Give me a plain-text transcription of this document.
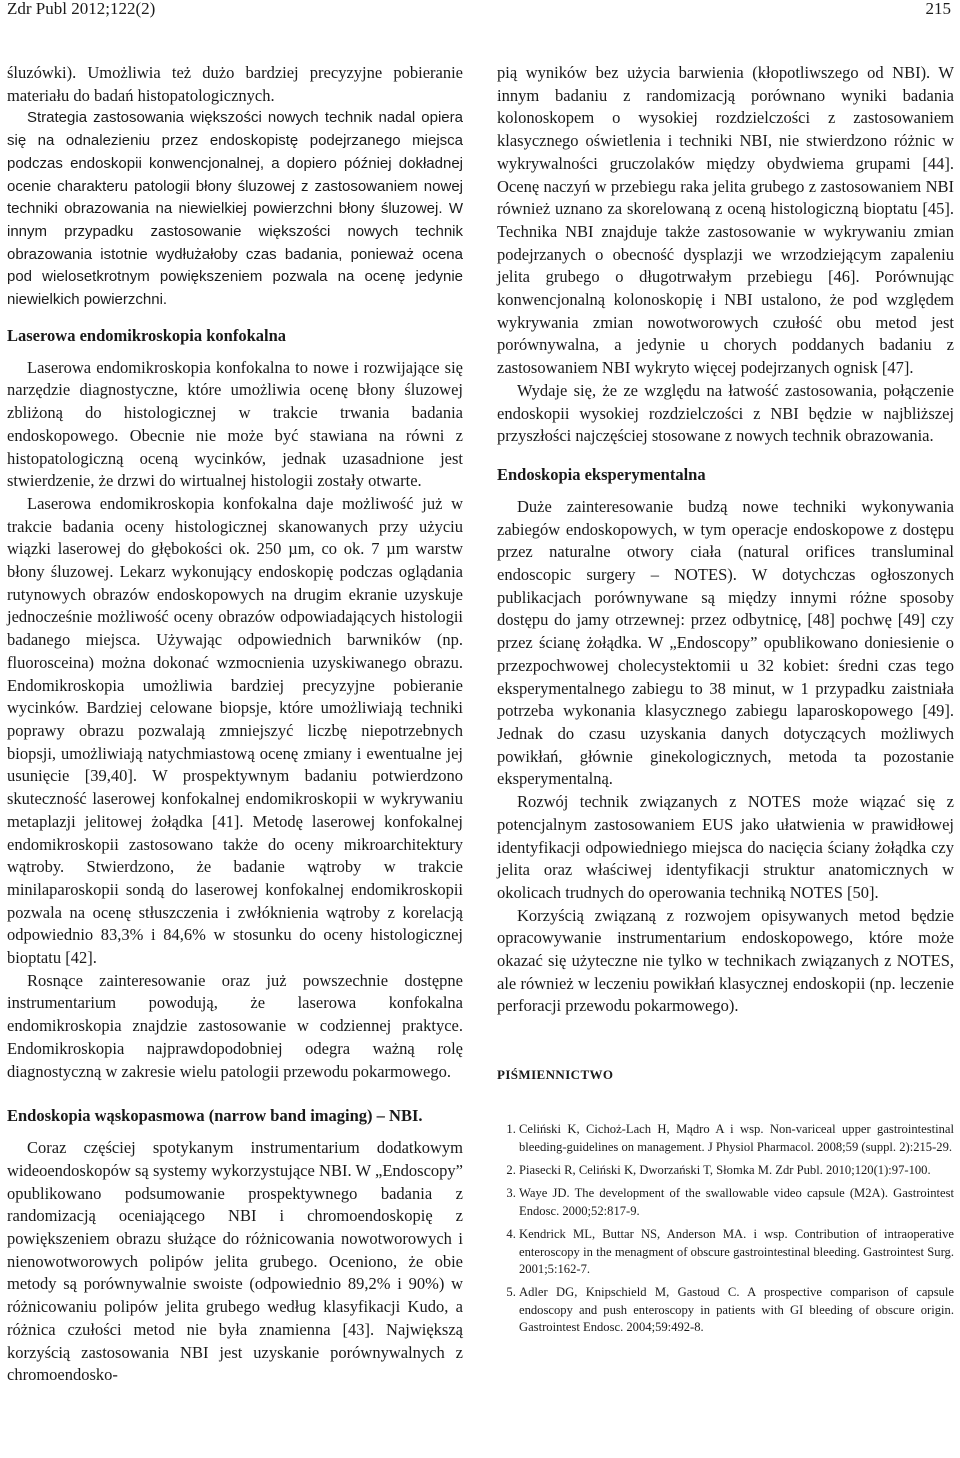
Zdr Publ 2012;122(2)	215

śluzówki). Umożliwia też dużo bardziej precyzyjne pobieranie materiału do badań histopatologicznych.

Strategia zastosowania większości nowych technik nadal opiera się na odnalezieniu przez endoskopistę podejrzanego miejsca podczas endoskopii konwencjonalnej, a dopiero później dokładnej ocenie charakteru patologii błony śluzowej z zastosowaniem nowej techniki obrazowania na niewielkiej powierzchni błony śluzowej. W innym przypadku zastosowanie większości nowych technik obrazowania istotnie wydłużałoby czas badania, ponieważ ocena pod wielosetkrotnym powiększeniem pozwala na ocenę jedynie niewielkich powierzchni.

Laserowa endomikroskopia konfokalna

Laserowa endomikroskopia konfokalna to nowe i rozwijające się narzędzie diagnostyczne, które umożliwia ocenę błony śluzowej zbliżoną do histologicznej w trakcie trwania badania endoskopowego. Obecnie nie może być stawiana na równi z histopatologiczną oceną wycinków, jednak uzasadnione jest stwierdzenie, że drzwi do wirtualnej histologii zostały otwarte.

Laserowa endomikroskopia konfokalna daje możliwość już w trakcie badania oceny histologicznej skanowanych przy użyciu wiązki laserowej do głębokości ok. 250 µm, co ok. 7 µm warstw błony śluzowej. Lekarz wykonujący endoskopię podczas oglądania rutynowych obrazów endoskopowych na drugim ekranie uzyskuje jednocześnie możliwość oceny obrazów odpowiadających histologii badanego miejsca. Używając odpowiednich barwników (np. fluorosceina) można dokonać wzmocnienia uzyskiwanego obrazu. Endomikroskopia umożliwia bardziej precyzyjne pobieranie wycinków. Bardziej celowane biopsje, które umożliwiają techniki poprawy obrazu pozwalają zmniejszyć liczbę niepotrzebnych biopsji, umożliwiają natychmiastową ocenę zmiany i ewentualne jej usunięcie [39,40]. W prospektywnym badaniu potwierdzono skuteczność laserowej konfokalnej endomikroskopii w wykrywaniu metaplazji jelitowej żołądka [41]. Metodę laserowej konfokalnej endomikroskopii zastosowano także do oceny mikroarchitektury wątroby. Stwierdzono, że badanie wątroby w trakcie minilaparoskopii sondą do laserowej konfokalnej endomikroskopii pozwala na ocenę stłuszczenia i zwłóknienia wątroby z korelacją odpowiednio 83,3% i 84,6% w stosunku do oceny histologicznej bioptatu [42].

Rosnące zainteresowanie oraz już powszechnie dostępne instrumentarium powodują, że laserowa konfokalna endomikroskopia znajdzie zastosowanie w codziennej praktyce. Endomikroskopia najprawdopodobniej odegra ważną rolę diagnostyczną w zakresie wielu patologii przewodu pokarmowego.

Endoskopia wąskopasmowa (narrow band imaging) – NBI.

Coraz częściej spotykanym instrumentarium dodatkowym wideoendoskopów są systemy wykorzystujące NBI. W „Endoscopy” opublikowano podsumowanie prospektywnego badania z randomizacją oceniającego NBI i chromoendoskopię z powiększeniem obrazu służące do różnicowania nowotworowych i nienowotworowych polipów jelita grubego. Oceniono, że obie metody są porównywalnie swoiste (odpowiednio 89,2% i 90%) w różnicowaniu polipów jelita grubego według klasyfikacji Kudo, a różnica czułości metod nie była znamienna [43]. Największą korzyścią zastosowania NBI jest uzyskanie porównywalnych z chromoendosko-

pią wyników bez użycia barwienia (kłopotliwszego od NBI). W innym badaniu z randomizacją porównano wyniki badania kolonoskopem o wysokiej rozdzielczości z zastosowaniem klasycznego oświetlenia i techniki NBI, nie stwierdzono różnic w wykrywalności gruczolaków między obydwiema grupami [44]. Ocenę naczyń w przebiegu raka jelita grubego z zastosowaniem NBI również uznano za skorelowaną z oceną histologiczną bioptatu [45]. Technika NBI znajduje także zastosowanie w wykrywaniu zmian podejrzanych o obecność dysplazji we wrzodziejącym zapaleniu jelita grubego o długotrwałym przebiegu [46]. Porównując konwencjonalną kolonoskopię i NBI ustalono, że pod względem wykrywania zmian nowotworowych czułość obu metod jest porównywalna, a jedynie u chorych poddanych badaniu z zastosowaniem NBI wykryto więcej podejrzanych ognisk [47].

Wydaje się, że ze względu na łatwość zastosowania, połączenie endoskopii wysokiej rozdzielczości z NBI będzie w najbliższej przyszłości najczęściej stosowane z nowych technik obrazowania.

Endoskopia eksperymentalna

Duże zainteresowanie budzą nowe techniki wykonywania zabiegów endoskopowych, w tym operacje endoskopowe z dostępu przez naturalne otwory ciała (natural orifices transluminal endoscopic surgery – NOTES). W dotychczas ogłoszonych publikacjach porównywane są między innymi różne sposoby dostępu do jamy otrzewnej: przez odbytnicę, [48] pochwę [49] czy przez ścianę żołądka. W „Endoscopy” opublikowano doniesienie o przezpochwowej cholecystektomii u 32 kobiet: średni czas tego eksperymentalnego zabiegu to 38 minut, w 1 przypadku zaistniała potrzeba wykonania klasycznego zabiegu laparoskopowego [49]. Jednak do czasu uzyskania danych dotyczących możliwych powikłań, głównie ginekologicznych, metoda ta pozostanie eksperymentalną.

Rozwój technik związanych z NOTES może wiązać się z potencjalnym zastosowaniem EUS jako ułatwienia w prawidłowej identyfikacji odpowiedniego miejsca do nacięcia ściany żołądka czy jelita oraz właściwej identyfikacji struktur anatomicznych w okolicach trudnych do operowania techniką NOTES [50].

Korzyścią związaną z rozwojem opisywanych metod będzie opracowywanie instrumentarium endoskopowego, które może okazać się użyteczne nie tylko w technikach związanych z NOTES, ale również w leczeniu powikłań klasycznej endoskopii (np. leczenie perforacji przewodu pokarmowego).

PIŚMIENNICTWO
1. Celiński K, Cichoż-Lach H, Mądro A i wsp. Non-variceal upper gastrointestinal bleeding-guidelines on management. J Physiol Pharmacol. 2008;59 (suppl. 2):215-29.
2. Piasecki R, Celiński K, Dworzański T, Słomka M. Zdr Publ. 2010;120(1):97-100.
3. Waye JD. The development of the swallowable video capsule (M2A). Gastrointest Endosc. 2000;52:817-9.
4. Kendrick ML, Buttar NS, Anderson MA. i wsp. Contribution of intraoperative enteroscopy in the menagment of obscure gastrointestinal bleeding. Gastrointest Surg. 2001;5:162-7.
5. Adler DG, Knipschield M, Gastoud C. A prospective comparison of capsule endoscopy and push enteroscopy in patients with GI bleeding of obscure origin. Gastrointest Endosc. 2004;59:492-8.
